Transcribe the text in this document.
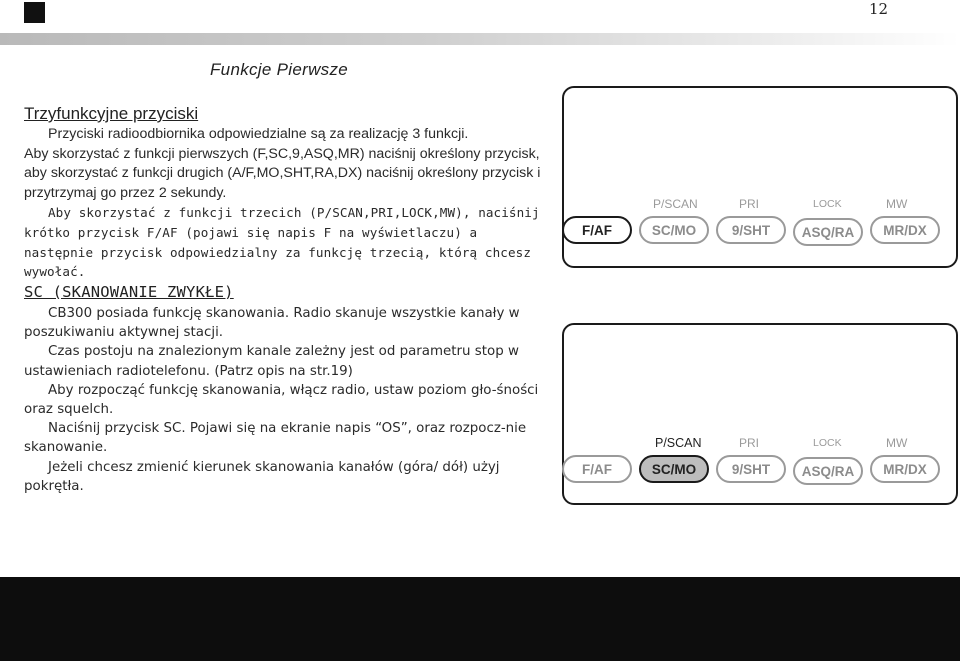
12
Funkcje Pierwsze
Trzyfunkcyjne przyciski

Przyciski radioodbiornika odpowiedzialne są za realizację 3 funkcji.

Aby skorzystać z funkcji pierwszych (F,SC,9,ASQ,MR) naciśnij określony przycisk, aby skorzystać z funkcji drugich (A/F,MO,SHT,RA,DX) naciśnij określony przycisk i przytrzymaj go przez 2 sekundy.

Aby skorzystać z funkcji trzecich (P/SCAN,PRI,LOCK,MW), naciśnij krótko przycisk F/AF (pojawi się napis F na wyświetlaczu) a następnie przycisk odpowiedzialny za funkcję trzecią, którą chcesz wywołać.

SC (SKANOWANIE ZWYKŁE)

CB300 posiada funkcję skanowania. Radio skanuje wszystkie kanały w poszukiwaniu aktywnej stacji.

Czas postoju na znalezionym kanale zależny jest od parametru stop w ustawieniach radiotelefonu. (Patrz opis na str.19)

Aby rozpocząć funkcję skanowania, włącz radio, ustaw poziom gło-śności oraz squelch.

Naciśnij przycisk SC. Pojawi się na ekranie napis “OS”, oraz rozpocz-nie skanowanie.

Jeżeli chcesz zmienić kierunek skanowania kanałów (góra/ dół) użyj pokrętła.

P/SCAN	PRI	LOCK	MW
F/AF	SC/MO	9/SHT	ASQ/RA	MR/DX
P/SCAN	PRI	LOCK	MW
F/AF	SC/MO	9/SHT	ASQ/RA	MR/DX
